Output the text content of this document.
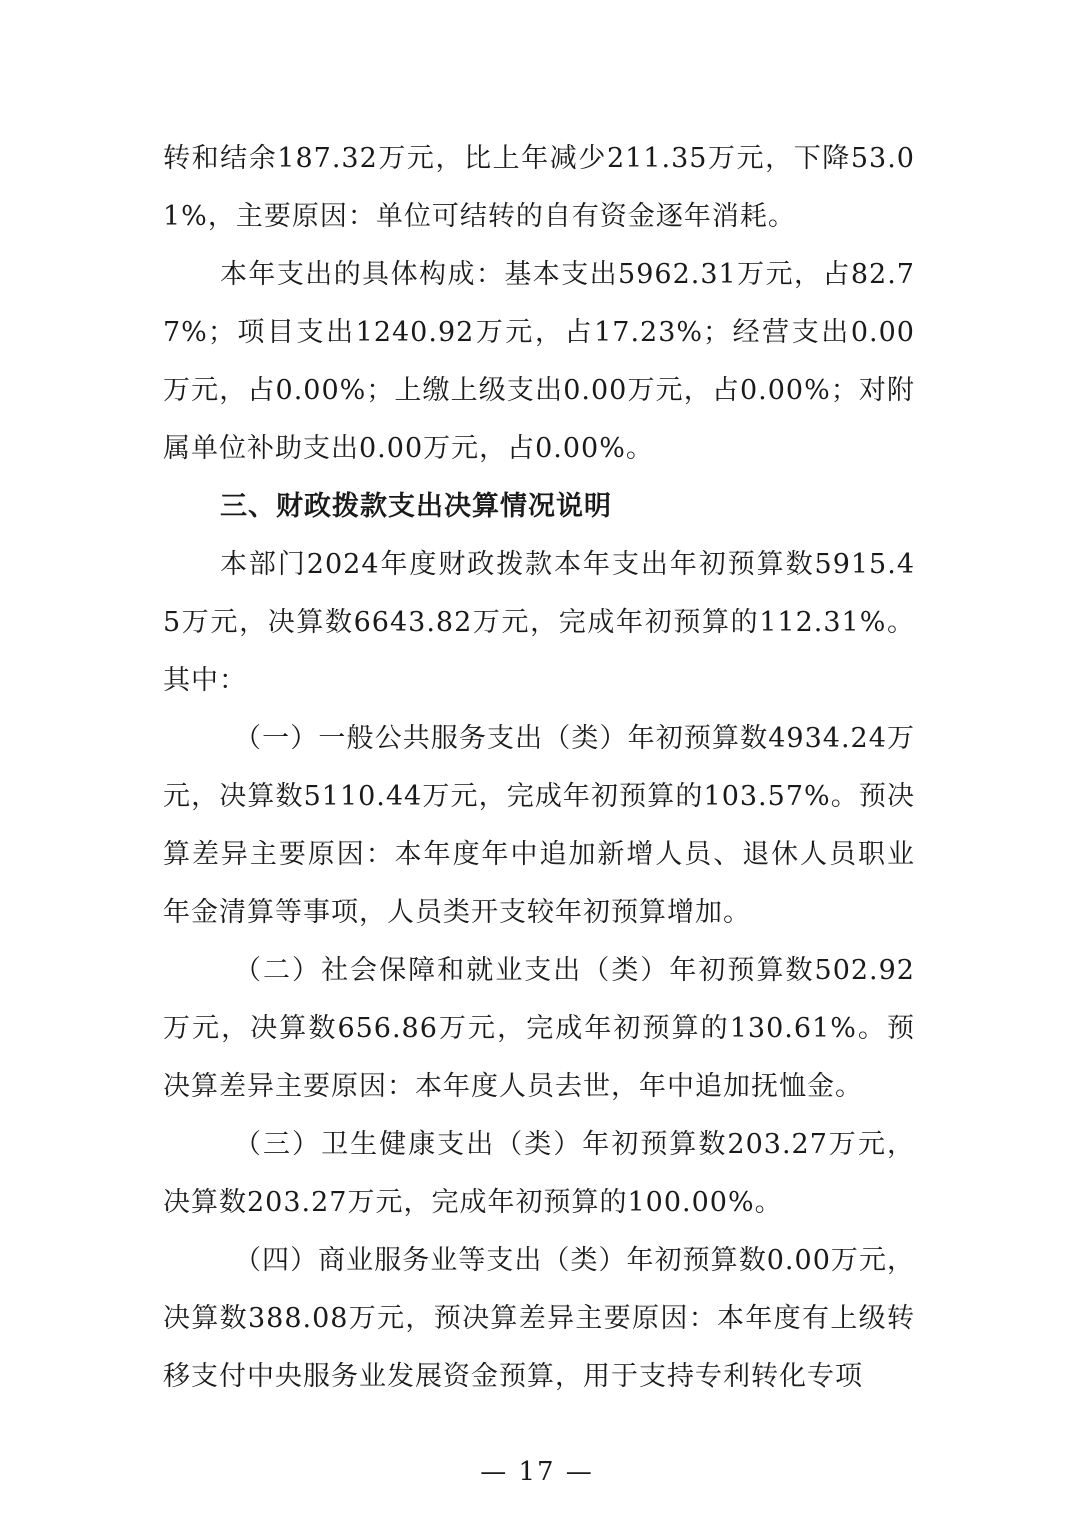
转和结余187.32万元，比上年减少211.35万元，下降53.01%，主要原因：单位可结转的自有资金逐年消耗。

本年支出的具体构成：基本支出5962.31万元，占82.77%；项目支出1240.92万元，占17.23%；经营支出0.00万元，占0.00%；上缴上级支出0.00万元，占0.00%；对附属单位补助支出0.00万元，占0.00%。

三、财政拨款支出决算情况说明

本部门2024年度财政拨款本年支出年初预算数5915.45万元，决算数6643.82万元，完成年初预算的112.31%。其中：

（一）一般公共服务支出（类）年初预算数4934.24万元，决算数5110.44万元，完成年初预算的103.57%。预决算差异主要原因：本年度年中追加新增人员、退休人员职业年金清算等事项，人员类开支较年初预算增加。

（二）社会保障和就业支出（类）年初预算数502.92万元，决算数656.86万元，完成年初预算的130.61%。预决算差异主要原因：本年度人员去世，年中追加抚恤金。

（三）卫生健康支出（类）年初预算数203.27万元，决算数203.27万元，完成年初预算的100.00%。

（四）商业服务业等支出（类）年初预算数0.00万元，决算数388.08万元，预决算差异主要原因：本年度有上级转移支付中央服务业发展资金预算，用于支持专利转化专项

— 17 —
